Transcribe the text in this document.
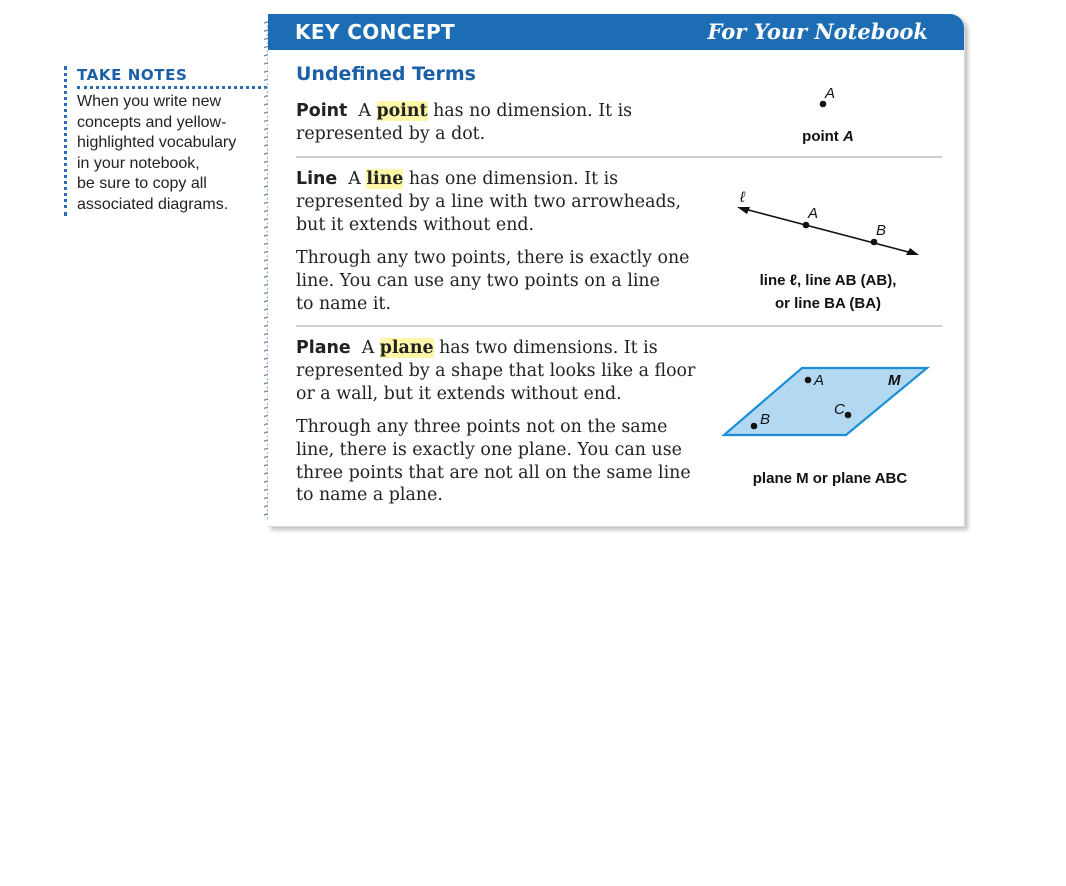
TAKE NOTES
When you write new
concepts and yellow-
highlighted vocabulary
in your notebook,
be sure to copy all
associated diagrams.
KEY CONCEPT	For Your Notebook
Undefined Terms
Point A point has no dimension. It is
represented by a dot.
A
point A
Line A line has one dimension. It is
represented by a line with two arrowheads,
but it extends without end.
Through any two points, there is exactly one
line. You can use any two points on a line
to name it.
ℓ
A
B
line ℓ, line AB (AB),
or line BA (BA)
Plane A plane has two dimensions. It is
represented by a shape that looks like a floor
or a wall, but it extends without end.
Through any three points not on the same
line, there is exactly one plane. You can use
three points that are not all on the same line
to name a plane.
A	M
C
B
plane M or plane ABC
